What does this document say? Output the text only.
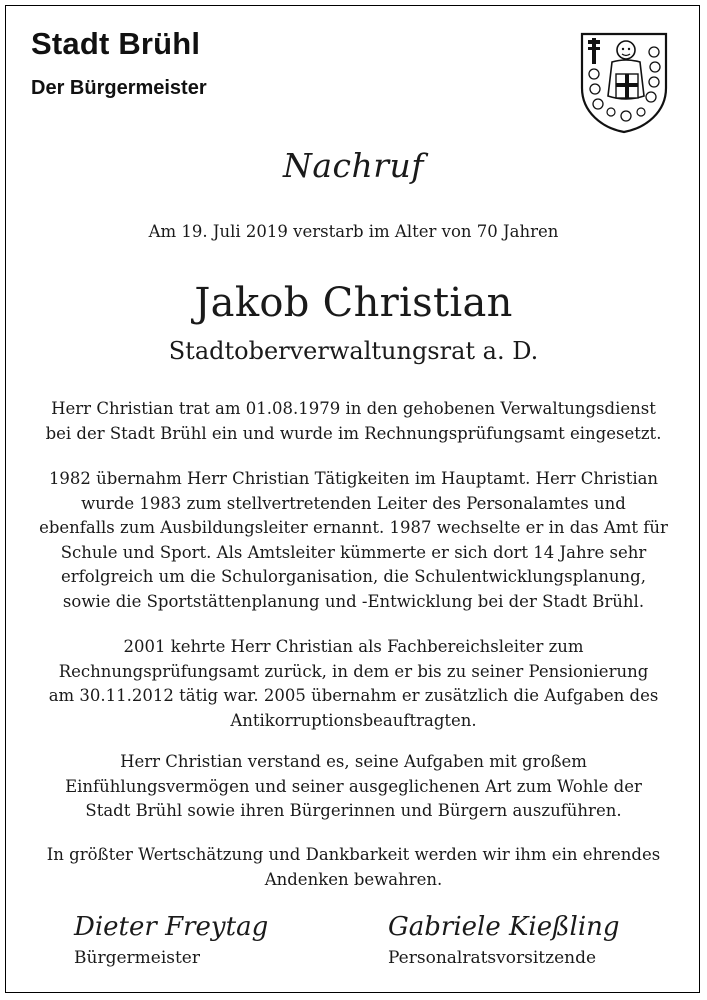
Stadt Brühl
Der Bürgermeister
Nachruf
Am 19. Juli 2019 verstarb im Alter von 70 Jahren
Jakob Christian
Stadtoberverwaltungsrat a. D.
Herr Christian trat am 01.08.1979 in den gehobenen Verwaltungsdienst
bei der Stadt Brühl ein und wurde im Rechnungsprüfungsamt eingesetzt.
1982 übernahm Herr Christian Tätigkeiten im Hauptamt. Herr Christian
wurde 1983 zum stellvertretenden Leiter des Personalamtes und
ebenfalls zum Ausbildungsleiter ernannt. 1987 wechselte er in das Amt für
Schule und Sport. Als Amtsleiter kümmerte er sich dort 14 Jahre sehr
erfolgreich um die Schulorganisation, die Schulentwicklungsplanung,
sowie die Sportstättenplanung und -Entwicklung bei der Stadt Brühl.
2001 kehrte Herr Christian als Fachbereichsleiter zum
Rechnungsprüfungsamt zurück, in dem er bis zu seiner Pensionierung
am 30.11.2012 tätig war. 2005 übernahm er zusätzlich die Aufgaben des
Antikorruptionsbeauftragten.
Herr Christian verstand es, seine Aufgaben mit großem
Einfühlungsvermögen und seiner ausgeglichenen Art zum Wohle der
Stadt Brühl sowie ihren Bürgerinnen und Bürgern auszuführen.
In größter Wertschätzung und Dankbarkeit werden wir ihm ein ehrendes
Andenken bewahren.
Dieter Freytag
Bürgermeister
Gabriele Kießling
Personalratsvorsitzende
